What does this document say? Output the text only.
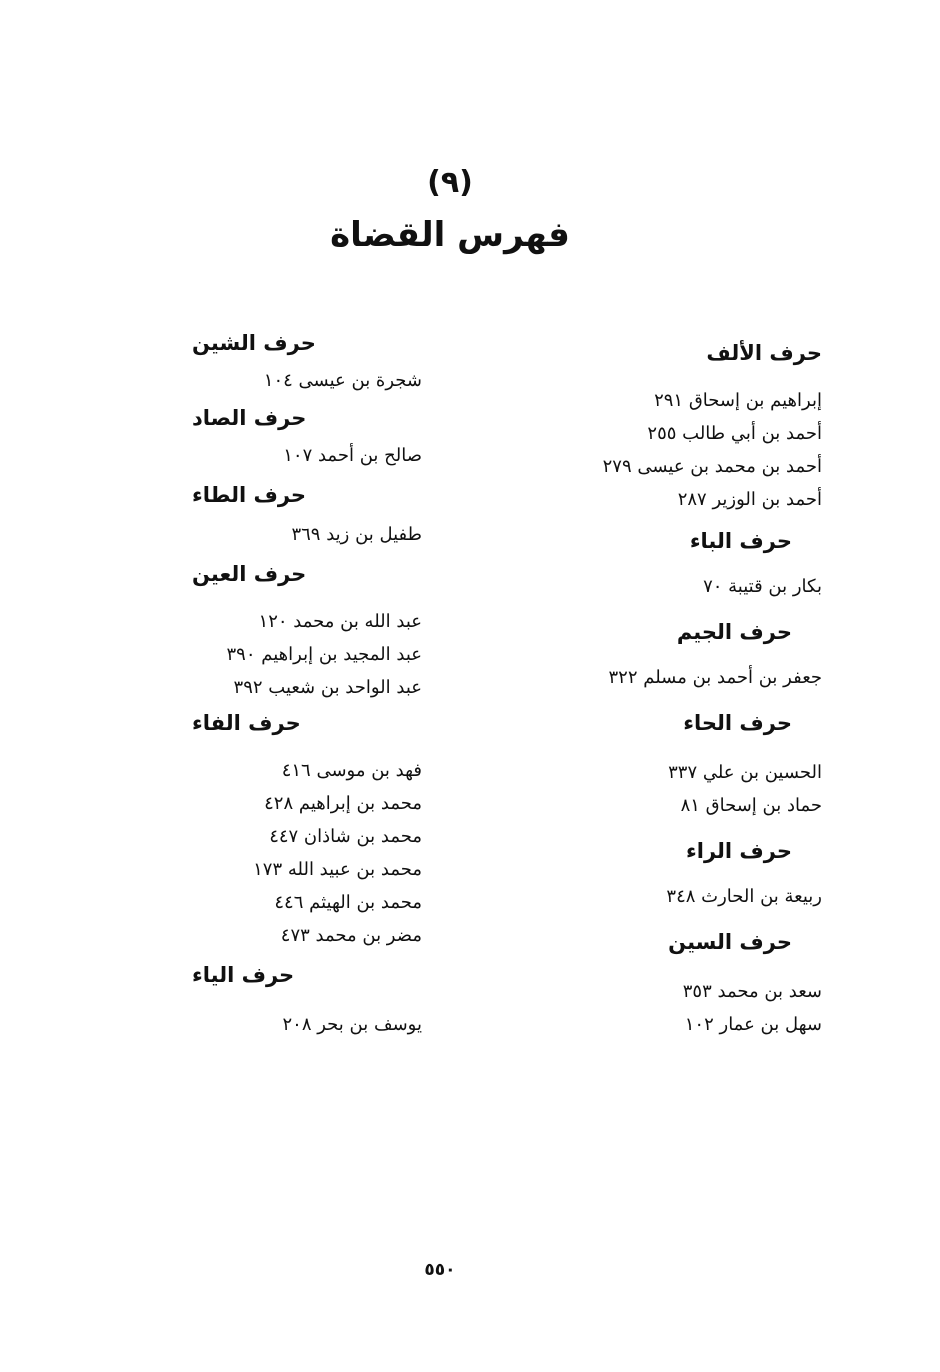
(٩)
فهرس القضاة
حرف الألف
إبراهيم بن إسحاق ٢٩١
أحمد بن أبي طالب ٢٥٥
أحمد بن محمد بن عيسى ٢٧٩
أحمد بن الوزير ٢٨٧
حرف الباء
بكار بن قتيبة ٧٠
حرف الجيم
جعفر بن أحمد بن مسلم ٣٢٢
حرف الحاء
الحسين بن علي ٣٣٧
حماد بن إسحاق ٨١
حرف الراء
ربيعة بن الحارث ٣٤٨
حرف السين
سعد بن محمد ٣٥٣
سهل بن عمار ١٠٢
حرف الشين
شجرة بن عيسى ١٠٤
حرف الصاد
صالح بن أحمد ١٠٧
حرف الطاء
طفيل بن زيد ٣٦٩
حرف العين
عبد الله بن محمد ١٢٠
عبد المجيد بن إبراهيم ٣٩٠
عبد الواحد بن شعيب ٣٩٢
حرف الفاء
فهد بن موسى ٤١٦
محمد بن إبراهيم ٤٢٨
محمد بن شاذان ٤٤٧
محمد بن عبيد الله ١٧٣
محمد بن الهيثم ٤٤٦
مضر بن محمد ٤٧٣
حرف الياء
يوسف بن بحر ٢٠٨
٥٥٠
